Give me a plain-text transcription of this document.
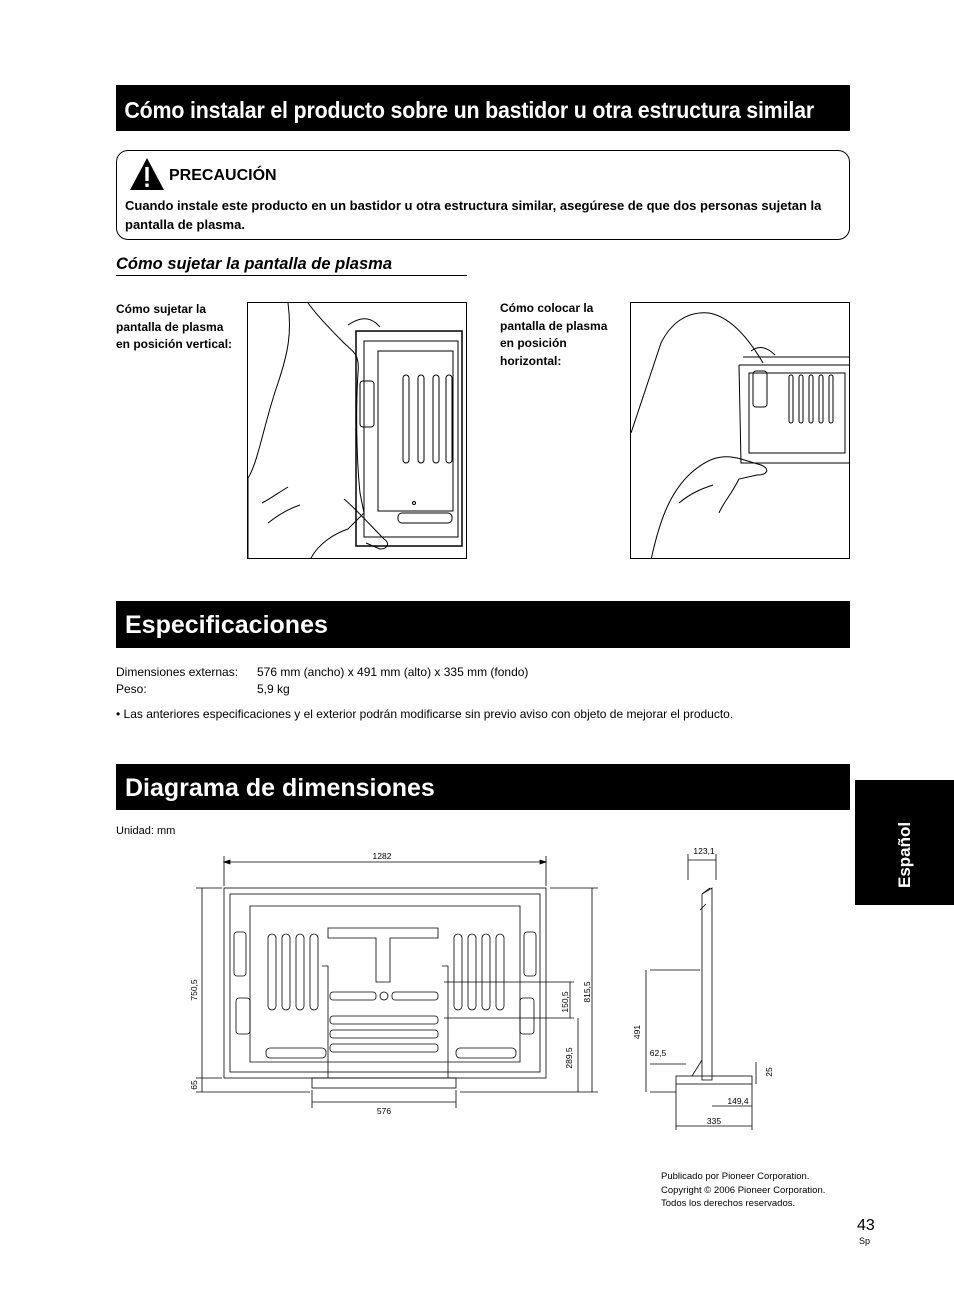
Cómo instalar el producto sobre un bastidor u otra estructura similar
PRECAUCIÓN
Cuando instale este producto en un bastidor u otra estructura similar, asegúrese de que dos personas sujetan la pantalla de plasma.
Cómo sujetar la pantalla de plasma
Cómo sujetar la
pantalla de plasma
en posición vertical:
Cómo colocar la
pantalla de plasma
en posición
horizontal:
Especificaciones
Dimensiones externas:	576 mm (ancho) x 491 mm (alto) x 335 mm (fondo)
Peso:	5,9 kg
• Las anteriores especificaciones y el exterior podrán modificarse sin previo aviso con objeto de mejorar el producto.
Diagrama de dimensiones
Unidad: mm
1282
750,5
65
576
150,5 815,5
289,5
123,1
491
62,5
25
149,4
335
Español
Publicado por Pioneer Corporation.
Copyright © 2006 Pioneer Corporation.
Todos los derechos reservados.
43
Sp
